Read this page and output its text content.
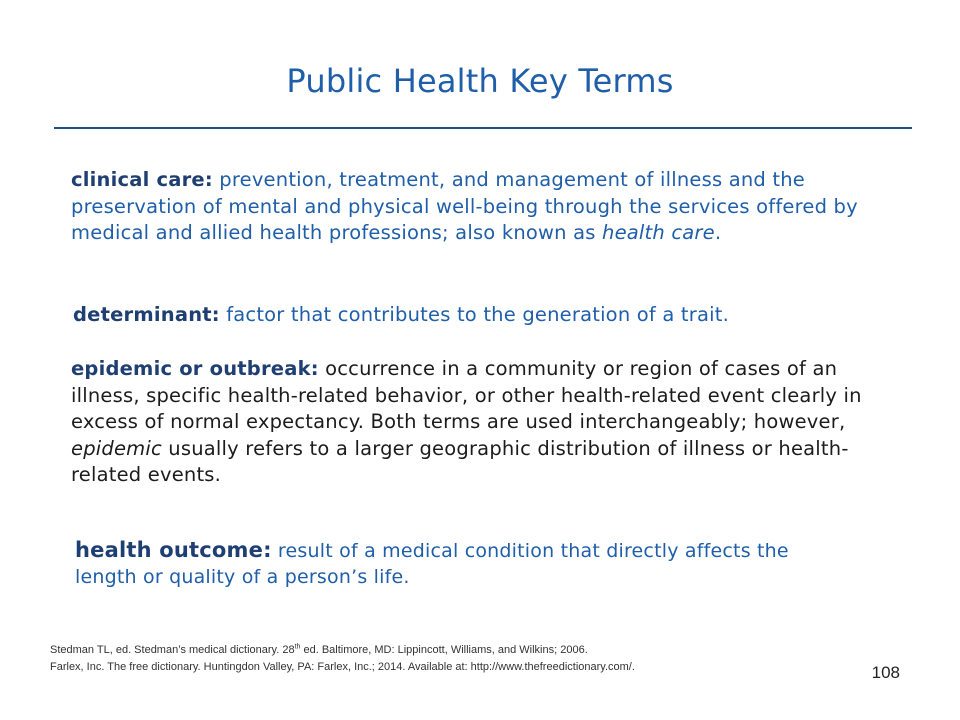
Public Health Key Terms
clinical care: prevention, treatment, and management of illness and the preservation of mental and physical well-being through the services offered by medical and allied health professions; also known as health care.
determinant: factor that contributes to the generation of a trait.
epidemic or outbreak: occurrence in a community or region of cases of an illness, specific health-related behavior, or other health-related event clearly in excess of normal expectancy. Both terms are used interchangeably; however, epidemic usually refers to a larger geographic distribution of illness or health-related events.
health outcome: result of a medical condition that directly affects the length or quality of a person’s life.
Stedman TL, ed. Stedman’s medical dictionary. 28th ed. Baltimore, MD: Lippincott, Williams, and Wilkins; 2006.
Farlex, Inc. The free dictionary. Huntingdon Valley, PA: Farlex, Inc.; 2014. Available at: http://www.thefreedictionary.com/.	108
